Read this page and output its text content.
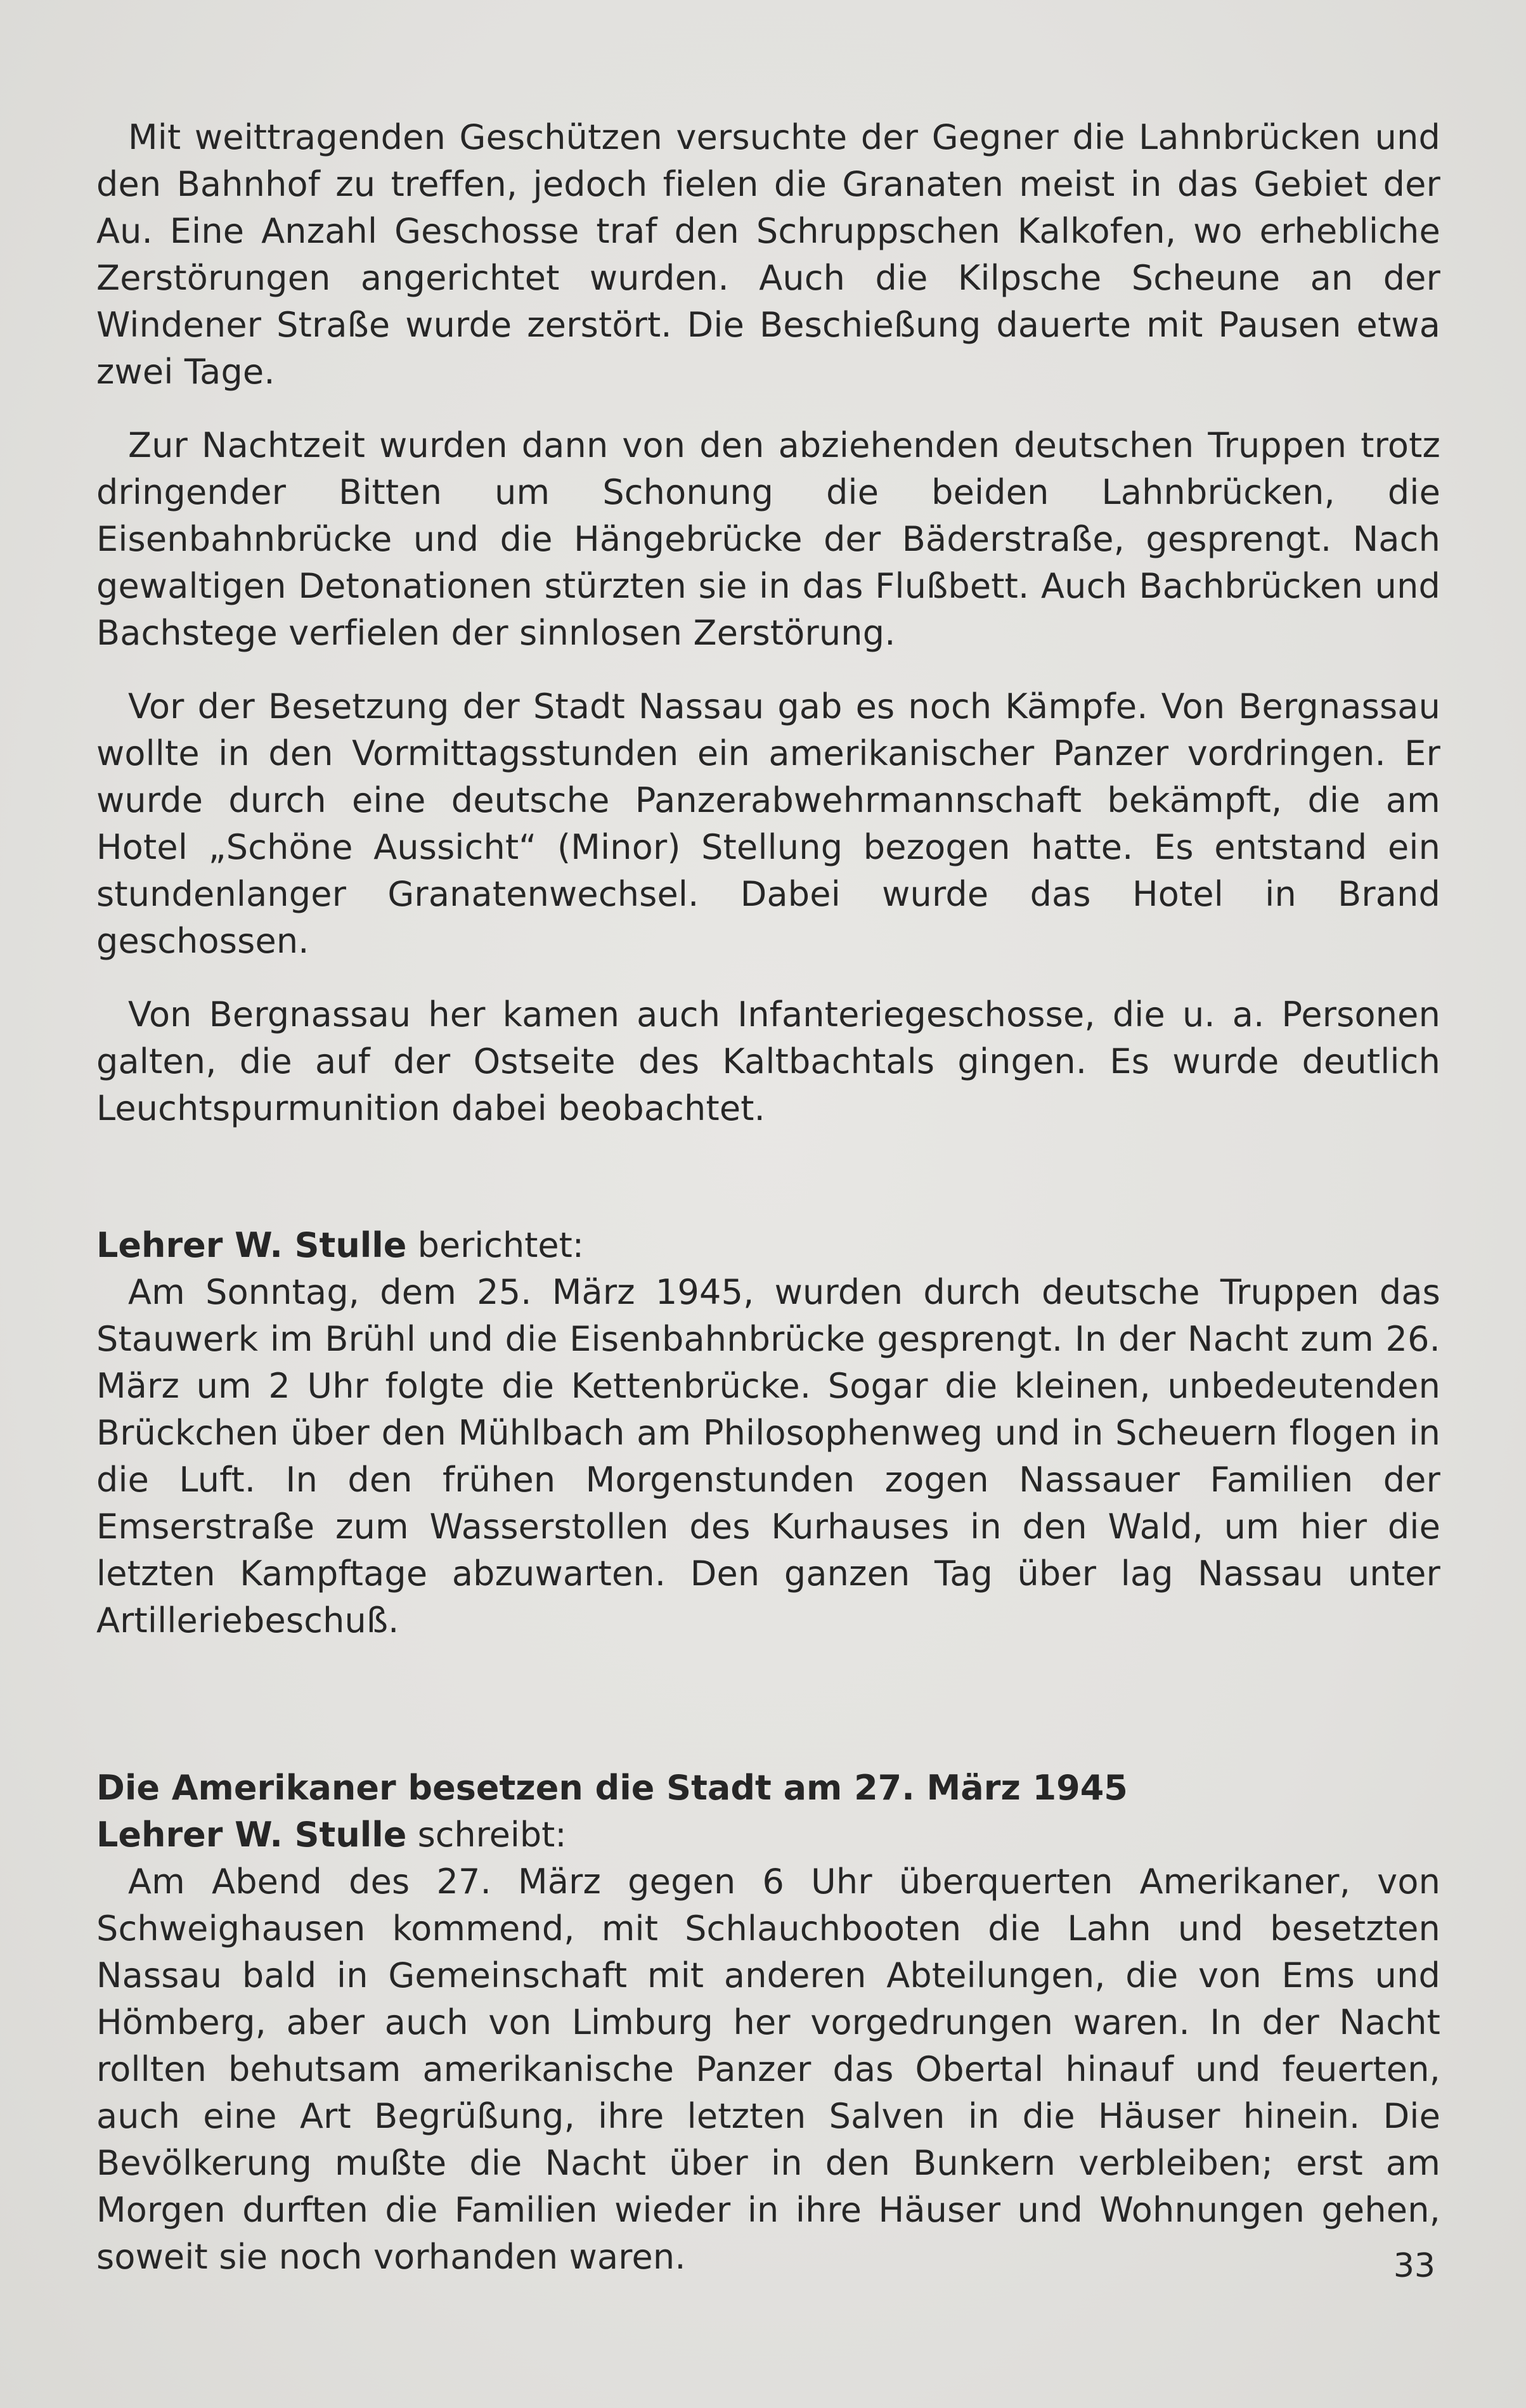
Mit weittragenden Geschützen versuchte der Gegner die Lahnbrücken und den Bahnhof zu treffen, jedoch fielen die Granaten meist in das Gebiet der Au. Eine Anzahl Geschosse traf den Schruppschen Kalkofen, wo erhebliche Zerstörungen angerichtet wurden. Auch die Kilpsche Scheune an der Windener Straße wurde zerstört. Die Beschießung dauerte mit Pausen etwa zwei Tage.

Zur Nachtzeit wurden dann von den abziehenden deutschen Truppen trotz dringender Bitten um Schonung die beiden Lahnbrücken, die Eisenbahnbrücke und die Hängebrücke der Bäderstraße, gesprengt. Nach gewaltigen Detonationen stürzten sie in das Flußbett. Auch Bachbrücken und Bachstege verfielen der sinnlosen Zerstörung.

Vor der Besetzung der Stadt Nassau gab es noch Kämpfe. Von Bergnassau wollte in den Vormittagsstunden ein amerikanischer Panzer vordringen. Er wurde durch eine deutsche Panzerabwehrmannschaft bekämpft, die am Hotel „Schöne Aussicht“ (Minor) Stellung bezogen hatte. Es entstand ein stundenlanger Granatenwechsel. Dabei wurde das Hotel in Brand geschossen.

Von Bergnassau her kamen auch Infanteriegeschosse, die u. a. Personen galten, die auf der Ostseite des Kaltbachtals gingen. Es wurde deutlich Leuchtspurmunition dabei beobachtet.

Lehrer W. Stulle berichtet:

Am Sonntag, dem 25. März 1945, wurden durch deutsche Truppen das Stauwerk im Brühl und die Eisenbahnbrücke gesprengt. In der Nacht zum 26. März um 2 Uhr folgte die Kettenbrücke. Sogar die kleinen, unbedeutenden Brückchen über den Mühlbach am Philosophenweg und in Scheuern flogen in die Luft. In den frühen Morgenstunden zogen Nassauer Familien der Emserstraße zum Wasserstollen des Kurhauses in den Wald, um hier die letzten Kampftage abzuwarten. Den ganzen Tag über lag Nassau unter Artilleriebeschuß.

Die Amerikaner besetzen die Stadt am 27. März 1945

Lehrer W. Stulle schreibt:

Am Abend des 27. März gegen 6 Uhr überquerten Amerikaner, von Schweighausen kommend, mit Schlauchbooten die Lahn und besetzten Nassau bald in Gemeinschaft mit anderen Abteilungen, die von Ems und Hömberg, aber auch von Limburg her vorgedrungen waren. In der Nacht rollten behutsam amerikanische Panzer das Obertal hinauf und feuerten, auch eine Art Begrüßung, ihre letzten Salven in die Häuser hinein. Die Bevölkerung mußte die Nacht über in den Bunkern verbleiben; erst am Morgen durften die Familien wieder in ihre Häuser und Wohnungen gehen, soweit sie noch vorhanden waren.	33
